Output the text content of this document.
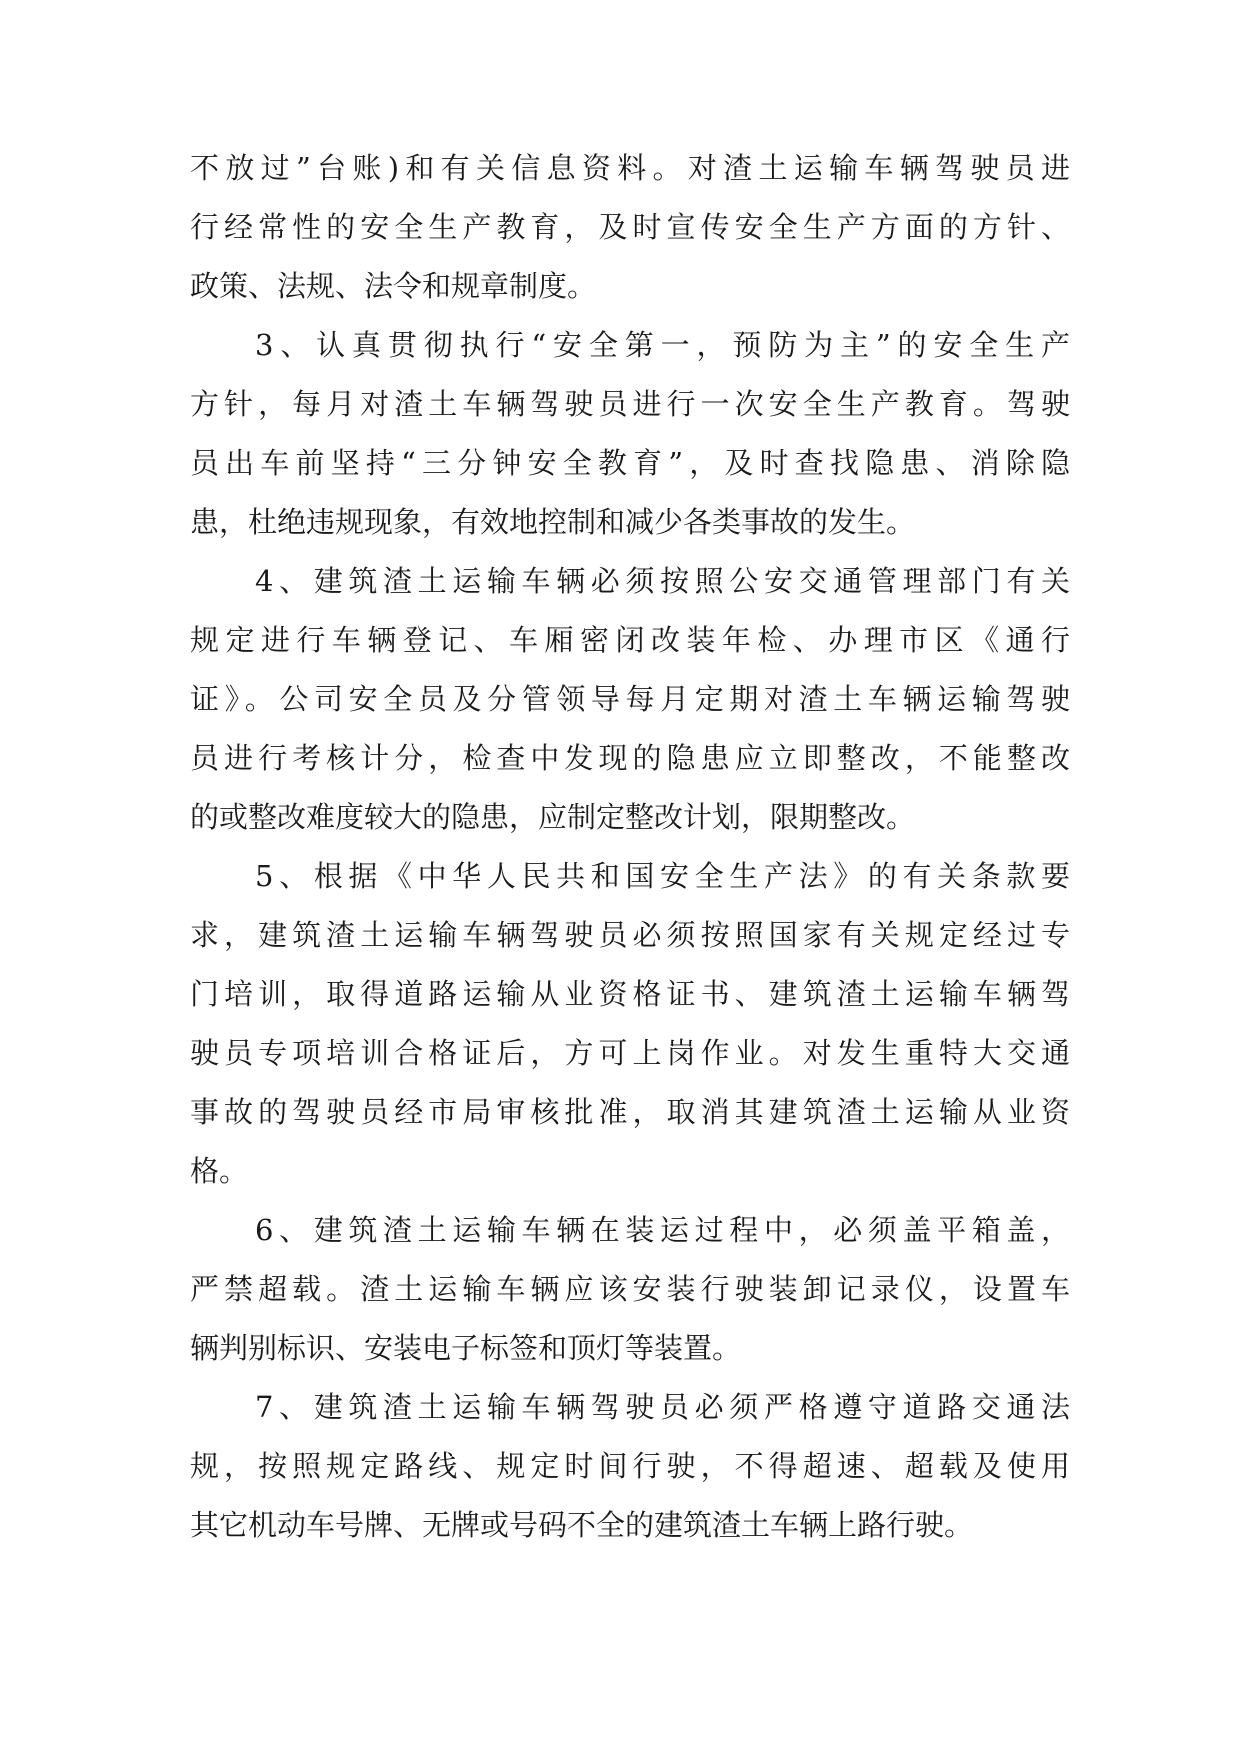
不放过”台账)和有关信息资料。对渣土运输车辆驾驶员进
行经常性的安全生产教育，及时宣传安全生产方面的方针、
政策、法规、法令和规章制度。
3、认真贯彻执行“安全第一，预防为主”的安全生产
方针，每月对渣土车辆驾驶员进行一次安全生产教育。驾驶
员出车前坚持“三分钟安全教育”，及时查找隐患、消除隐
患，杜绝违规现象，有效地控制和减少各类事故的发生。
4、建筑渣土运输车辆必须按照公安交通管理部门有关
规定进行车辆登记、车厢密闭改装年检、办理市区《通行
证》。公司安全员及分管领导每月定期对渣土车辆运输驾驶
员进行考核计分，检查中发现的隐患应立即整改，不能整改
的或整改难度较大的隐患，应制定整改计划，限期整改。
5、根据《中华人民共和国安全生产法》的有关条款要
求，建筑渣土运输车辆驾驶员必须按照国家有关规定经过专
门培训，取得道路运输从业资格证书、建筑渣土运输车辆驾
驶员专项培训合格证后，方可上岗作业。对发生重特大交通
事故的驾驶员经市局审核批准，取消其建筑渣土运输从业资
格。
6、建筑渣土运输车辆在装运过程中，必须盖平箱盖，
严禁超载。渣土运输车辆应该安装行驶装卸记录仪，设置车
辆判别标识、安装电子标签和顶灯等装置。
7、建筑渣土运输车辆驾驶员必须严格遵守道路交通法
规，按照规定路线、规定时间行驶，不得超速、超载及使用
其它机动车号牌、无牌或号码不全的建筑渣土车辆上路行驶。
